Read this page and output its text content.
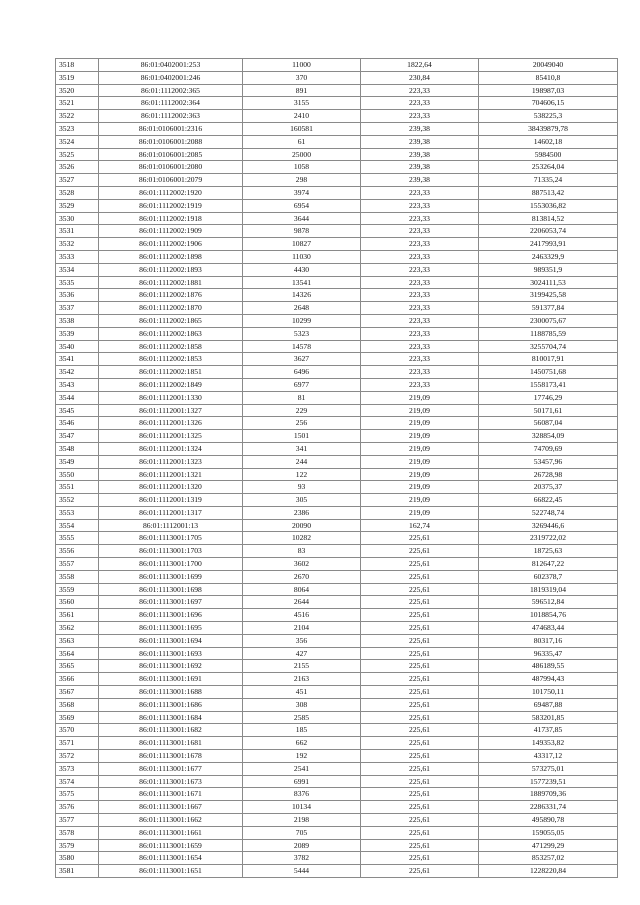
3518	86:01:0402001:253	11000	1822,64	20049040
3519	86:01:0402001:246	370	230,84	85410,8
3520	86:01:1112002:365	891	223,33	198987,03
3521	86:01:1112002:364	3155	223,33	704606,15
3522	86:01:1112002:363	2410	223,33	538225,3
3523	86:01:0106001:2316	160581	239,38	38439879,78
3524	86:01:0106001:2088	61	239,38	14602,18
3525	86:01:0106001:2085	25000	239,38	5984500
3526	86:01:0106001:2080	1058	239,38	253264,04
3527	86:01:0106001:2079	298	239,38	71335,24
3528	86:01:1112002:1920	3974	223,33	887513,42
3529	86:01:1112002:1919	6954	223,33	1553036,82
3530	86:01:1112002:1918	3644	223,33	813814,52
3531	86:01:1112002:1909	9878	223,33	2206053,74
3532	86:01:1112002:1906	10827	223,33	2417993,91
3533	86:01:1112002:1898	11030	223,33	2463329,9
3534	86:01:1112002:1893	4430	223,33	989351,9
3535	86:01:1112002:1881	13541	223,33	3024111,53
3536	86:01:1112002:1876	14326	223,33	3199425,58
3537	86:01:1112002:1870	2648	223,33	591377,84
3538	86:01:1112002:1865	10299	223,33	2300075,67
3539	86:01:1112002:1863	5323	223,33	1188785,59
3540	86:01:1112002:1858	14578	223,33	3255704,74
3541	86:01:1112002:1853	3627	223,33	810017,91
3542	86:01:1112002:1851	6496	223,33	1450751,68
3543	86:01:1112002:1849	6977	223,33	1558173,41
3544	86:01:1112001:1330	81	219,09	17746,29
3545	86:01:1112001:1327	229	219,09	50171,61
3546	86:01:1112001:1326	256	219,09	56087,04
3547	86:01:1112001:1325	1501	219,09	328854,09
3548	86:01:1112001:1324	341	219,09	74709,69
3549	86:01:1112001:1323	244	219,09	53457,96
3550	86:01:1112001:1321	122	219,09	26728,98
3551	86:01:1112001:1320	93	219,09	20375,37
3552	86:01:1112001:1319	305	219,09	66822,45
3553	86:01:1112001:1317	2386	219,09	522748,74
3554	86:01:1112001:13	20090	162,74	3269446,6
3555	86:01:1113001:1705	10282	225,61	2319722,02
3556	86:01:1113001:1703	83	225,61	18725,63
3557	86:01:1113001:1700	3602	225,61	812647,22
3558	86:01:1113001:1699	2670	225,61	602378,7
3559	86:01:1113001:1698	8064	225,61	1819319,04
3560	86:01:1113001:1697	2644	225,61	596512,84
3561	86:01:1113001:1696	4516	225,61	1018854,76
3562	86:01:1113001:1695	2104	225,61	474683,44
3563	86:01:1113001:1694	356	225,61	80317,16
3564	86:01:1113001:1693	427	225,61	96335,47
3565	86:01:1113001:1692	2155	225,61	486189,55
3566	86:01:1113001:1691	2163	225,61	487994,43
3567	86:01:1113001:1688	451	225,61	101750,11
3568	86:01:1113001:1686	308	225,61	69487,88
3569	86:01:1113001:1684	2585	225,61	583201,85
3570	86:01:1113001:1682	185	225,61	41737,85
3571	86:01:1113001:1681	662	225,61	149353,82
3572	86:01:1113001:1678	192	225,61	43317,12
3573	86:01:1113001:1677	2541	225,61	573275,01
3574	86:01:1113001:1673	6991	225,61	1577239,51
3575	86:01:1113001:1671	8376	225,61	1889709,36
3576	86:01:1113001:1667	10134	225,61	2286331,74
3577	86:01:1113001:1662	2198	225,61	495890,78
3578	86:01:1113001:1661	705	225,61	159055,05
3579	86:01:1113001:1659	2089	225,61	471299,29
3580	86:01:1113001:1654	3782	225,61	853257,02
3581	86:01:1113001:1651	5444	225,61	1228220,84
